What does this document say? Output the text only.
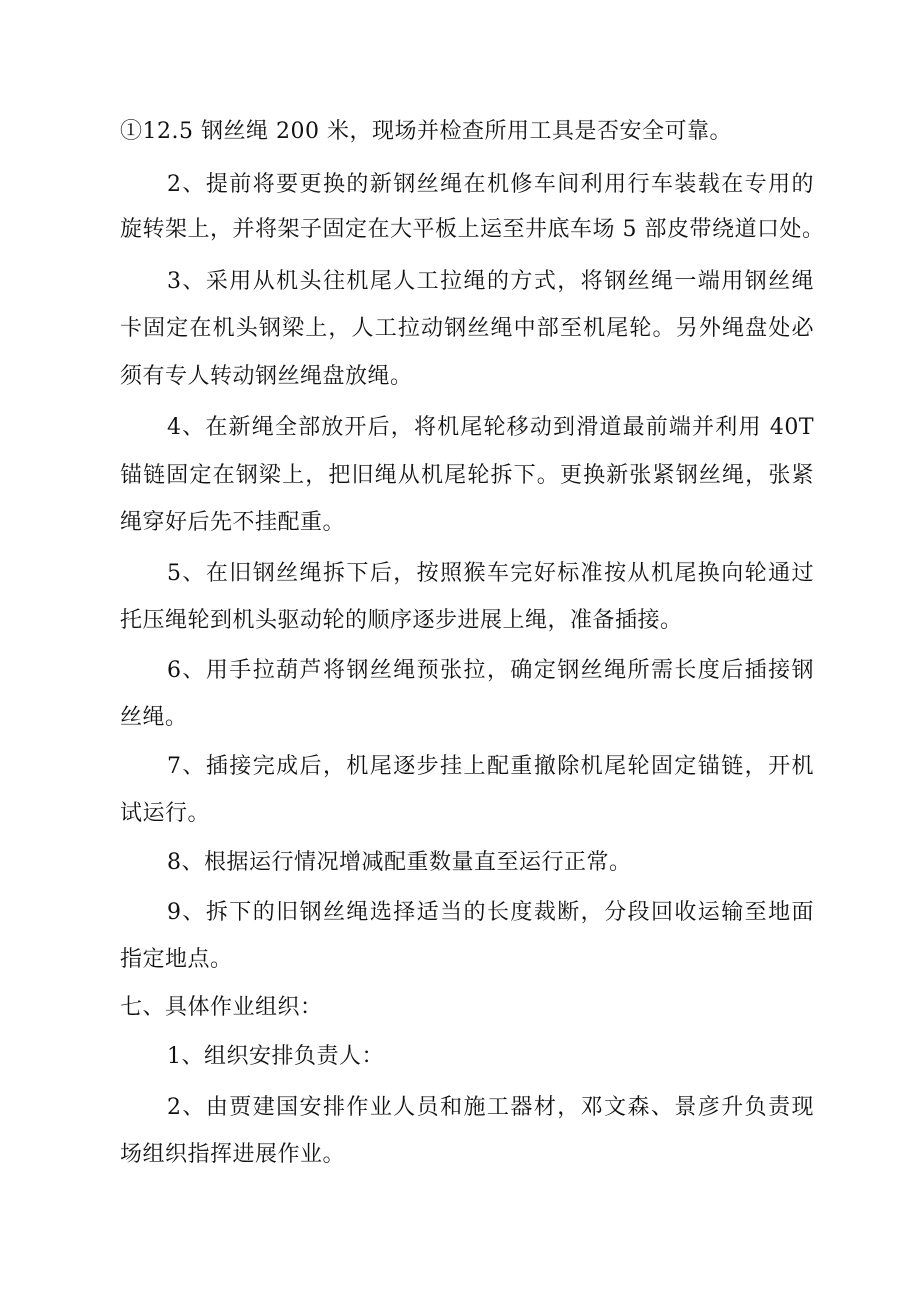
①12.5 钢丝绳 200 米，现场并检查所用工具是否安全可靠。
2、提前将要更换的新钢丝绳在机修车间利用行车装载在专用的
旋转架上，并将架子固定在大平板上运至井底车场 5 部皮带绕道口处。
3、采用从机头往机尾人工拉绳的方式，将钢丝绳一端用钢丝绳
卡固定在机头钢梁上，人工拉动钢丝绳中部至机尾轮。另外绳盘处必
须有专人转动钢丝绳盘放绳。
4、在新绳全部放开后，将机尾轮移动到滑道最前端并利用 40T
锚链固定在钢梁上，把旧绳从机尾轮拆下。更换新张紧钢丝绳，张紧
绳穿好后先不挂配重。
5、在旧钢丝绳拆下后，按照猴车完好标准按从机尾换向轮通过
托压绳轮到机头驱动轮的顺序逐步进展上绳，准备插接。
6、用手拉葫芦将钢丝绳预张拉，确定钢丝绳所需长度后插接钢
丝绳。
7、插接完成后，机尾逐步挂上配重撤除机尾轮固定锚链，开机
试运行。
8、根据运行情况增减配重数量直至运行正常。
9、拆下的旧钢丝绳选择适当的长度裁断，分段回收运输至地面
指定地点。
七、具体作业组织：
1、组织安排负责人：
2、由贾建国安排作业人员和施工器材，邓文森、景彦升负责现
场组织指挥进展作业。
